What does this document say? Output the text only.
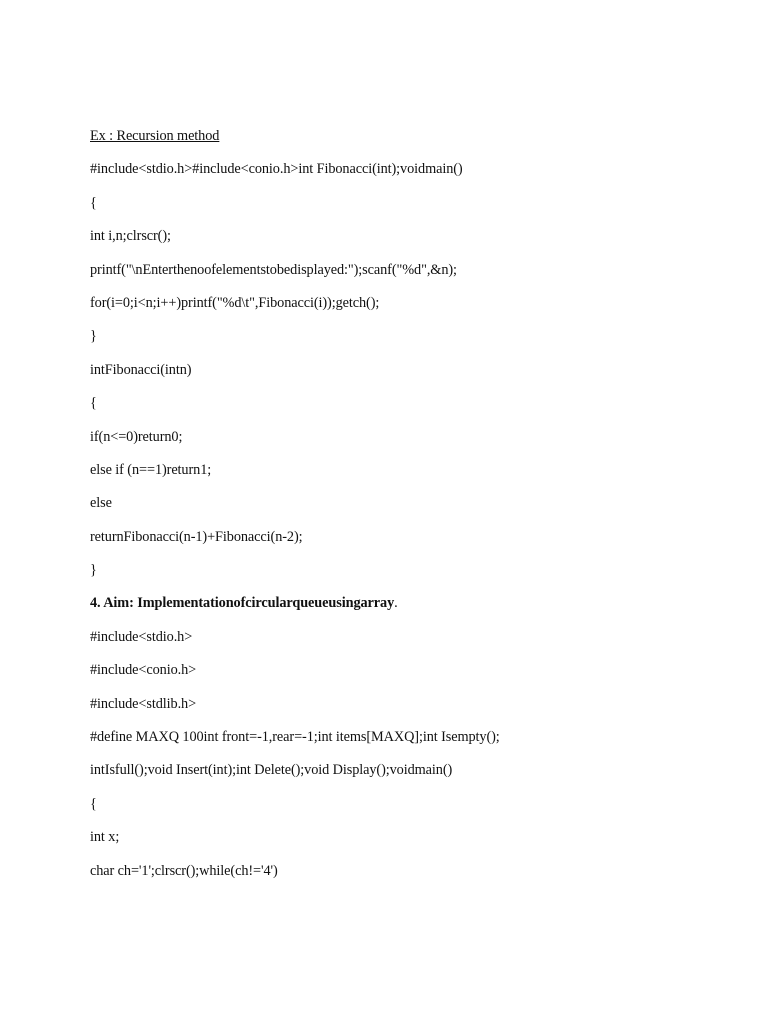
Ex : Recursion method
#include<stdio.h>#include<conio.h>int Fibonacci(int);voidmain()
{
int i,n;clrscr();
printf("\nEnterthenoofelementstobedisplayed:");scanf("%d",&n);
for(i=0;i<n;i++)printf("%d\t",Fibonacci(i));getch();
}
intFibonacci(intn)
{
if(n<=0)return0;
else if (n==1)return1;
else
returnFibonacci(n-1)+Fibonacci(n-2);
}
4. Aim: Implementationofcircularqueueusingarray.
#include<stdio.h>
#include<conio.h>
#include<stdlib.h>
#define MAXQ 100int front=-1,rear=-1;int items[MAXQ];int Isempty();
intIsfull();void Insert(int);int Delete();void Display();voidmain()
{
int x;
char ch='1';clrscr();while(ch!='4')
